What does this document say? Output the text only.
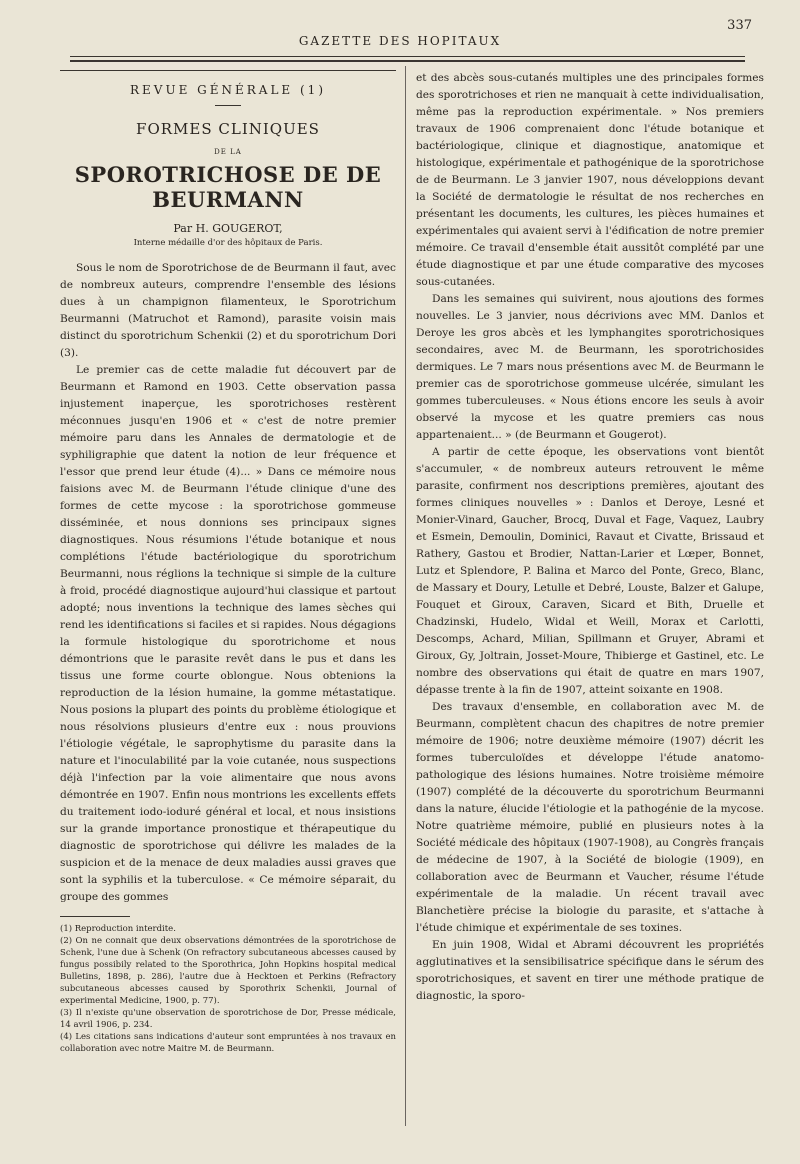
337
GAZETTE DES HOPITAUX
REVUE GÉNÉRALE (1)
FORMES CLINIQUES
DE LA
SPOROTRICHOSE DE DE BEURMANN
Par H. GOUGEROT,
Interne médaille d'or des hôpitaux de Paris.

Sous le nom de Sporotrichose de de Beurmann il faut, avec de nombreux auteurs, comprendre l'ensemble des lésions dues à un champignon filamenteux, le Sporotrichum Beurmanni (Matruchot et Ramond), parasite voisin mais distinct du sporotrichum Schenkii (2) et du sporotrichum Dori (3).

Le premier cas de cette maladie fut découvert par de Beurmann et Ramond en 1903. Cette observation passa injustement inaperçue, les sporotrichoses restèrent méconnues jusqu'en 1906 et « c'est de notre premier mémoire paru dans les Annales de dermatologie et de syphiligraphie que datent la notion de leur fréquence et l'essor que prend leur étude (4)... » Dans ce mémoire nous faisions avec M. de Beurmann l'étude clinique d'une des formes de cette mycose : la sporotrichose gommeuse disséminée, et nous donnions ses principaux signes diagnostiques. Nous résumions l'étude botanique et nous complétions l'étude bactériologique du sporotrichum Beurmanni, nous réglions la technique si simple de la culture à froid, procédé diagnostique aujourd'hui classique et partout adopté; nous inventions la technique des lames sèches qui rend les identifications si faciles et si rapides. Nous dégagions la formule histologique du sporotrichome et nous démontrions que le parasite revêt dans le pus et dans les tissus une forme courte oblongue. Nous obtenions la reproduction de la lésion humaine, la gomme métastatique. Nous posions la plupart des points du problème étiologique et nous résolvions plusieurs d'entre eux : nous prouvions l'étiologie végétale, le saprophytisme du parasite dans la nature et l'inoculabilité par la voie cutanée, nous suspections déjà l'infection par la voie alimentaire que nous avons démontrée en 1907. Enfin nous montrions les excellents effets du traitement iodo-ioduré général et local, et nous insistions sur la grande importance pronostique et thérapeutique du diagnostic de sporotrichose qui délivre les malades de la suspicion et de la menace de deux maladies aussi graves que sont la syphilis et la tuberculose. « Ce mémoire séparait, du groupe des gommes

(1) Reproduction interdite.

(2) On ne connait que deux observations démontrées de la sporotrichose de Schenk, l'une due à Schenk (On refractory subcutaneous abcesses caused by fungus possibily related to the Sporothrica, John Hopkins hospital medical Bulletins, 1898, p. 286), l'autre due à Hecktoen et Perkins (Refractory subcutaneous abcesses caused by Sporothrix Schenkii, Journal of experimental Medicine, 1900, p. 77).

(3) Il n'existe qu'une observation de sporotrichose de Dor, Presse médicale, 14 avril 1906, p. 234.

(4) Les citations sans indications d'auteur sont empruntées à nos travaux en collaboration avec notre Maitre M. de Beurmann.

et des abcès sous-cutanés multiples une des principales formes des sporotrichoses et rien ne manquait à cette individualisation, même pas la reproduction expérimentale. » Nos premiers travaux de 1906 comprenaient donc l'étude botanique et bactériologique, clinique et diagnostique, anatomique et histologique, expérimentale et pathogénique de la sporotrichose de de Beurmann. Le 3 janvier 1907, nous développions devant la Société de dermatologie le résultat de nos recherches en présentant les documents, les cultures, les pièces humaines et expérimentales qui avaient servi à l'édification de notre premier mémoire. Ce travail d'ensemble était aussitôt complété par une étude diagnostique et par une étude comparative des mycoses sous-cutanées.

Dans les semaines qui suivirent, nous ajoutions des formes nouvelles. Le 3 janvier, nous décrivions avec MM. Danlos et Deroye les gros abcès et les lymphangites sporotrichosiques secondaires, avec M. de Beurmann, les sporotrichosides dermiques. Le 7 mars nous présentions avec M. de Beurmann le premier cas de sporotrichose gommeuse ulcérée, simulant les gommes tuberculeuses. « Nous étions encore les seuls à avoir observé la mycose et les quatre premiers cas nous appartenaient... » (de Beurmann et Gougerot).

A partir de cette époque, les observations vont bientôt s'accumuler, « de nombreux auteurs retrouvent le même parasite, confirment nos descriptions premières, ajoutant des formes cliniques nouvelles » : Danlos et Deroye, Lesné et Monier-Vinard, Gaucher, Brocq, Duval et Fage, Vaquez, Laubry et Esmein, Demoulin, Dominici, Ravaut et Civatte, Brissaud et Rathery, Gastou et Brodier, Nattan-Larier et Lœper, Bonnet, Lutz et Splendore, P. Balina et Marco del Ponte, Greco, Blanc, de Massary et Doury, Letulle et Debré, Louste, Balzer et Galupe, Fouquet et Giroux, Caraven, Sicard et Bith, Druelle et Chadzinski, Hudelo, Widal et Weill, Morax et Carlotti, Descomps, Achard, Milian, Spillmann et Gruyer, Abrami et Giroux, Gy, Joltrain, Josset-Moure, Thibierge et Gastinel, etc. Le nombre des observations qui était de quatre en mars 1907, dépasse trente à la fin de 1907, atteint soixante en 1908.

Des travaux d'ensemble, en collaboration avec M. de Beurmann, complètent chacun des chapitres de notre premier mémoire de 1906; notre deuxième mémoire (1907) décrit les formes tuberculoïdes et développe l'étude anatomo-pathologique des lésions humaines. Notre troisième mémoire (1907) complété de la découverte du sporotrichum Beurmanni dans la nature, élucide l'étiologie et la pathogénie de la mycose. Notre quatrième mémoire, publié en plusieurs notes à la Société médicale des hôpitaux (1907-1908), au Congrès français de médecine de 1907, à la Société de biologie (1909), en collaboration avec de Beurmann et Vaucher, résume l'étude expérimentale de la maladie. Un récent travail avec Blanchetière précise la biologie du parasite, et s'attache à l'étude chimique et expérimentale de ses toxines.

En juin 1908, Widal et Abrami découvrent les propriétés agglutinatives et la sensibilisatrice spécifique dans le sérum des sporotrichosiques, et savent en tirer une méthode pratique de diagnostic, la sporo-
